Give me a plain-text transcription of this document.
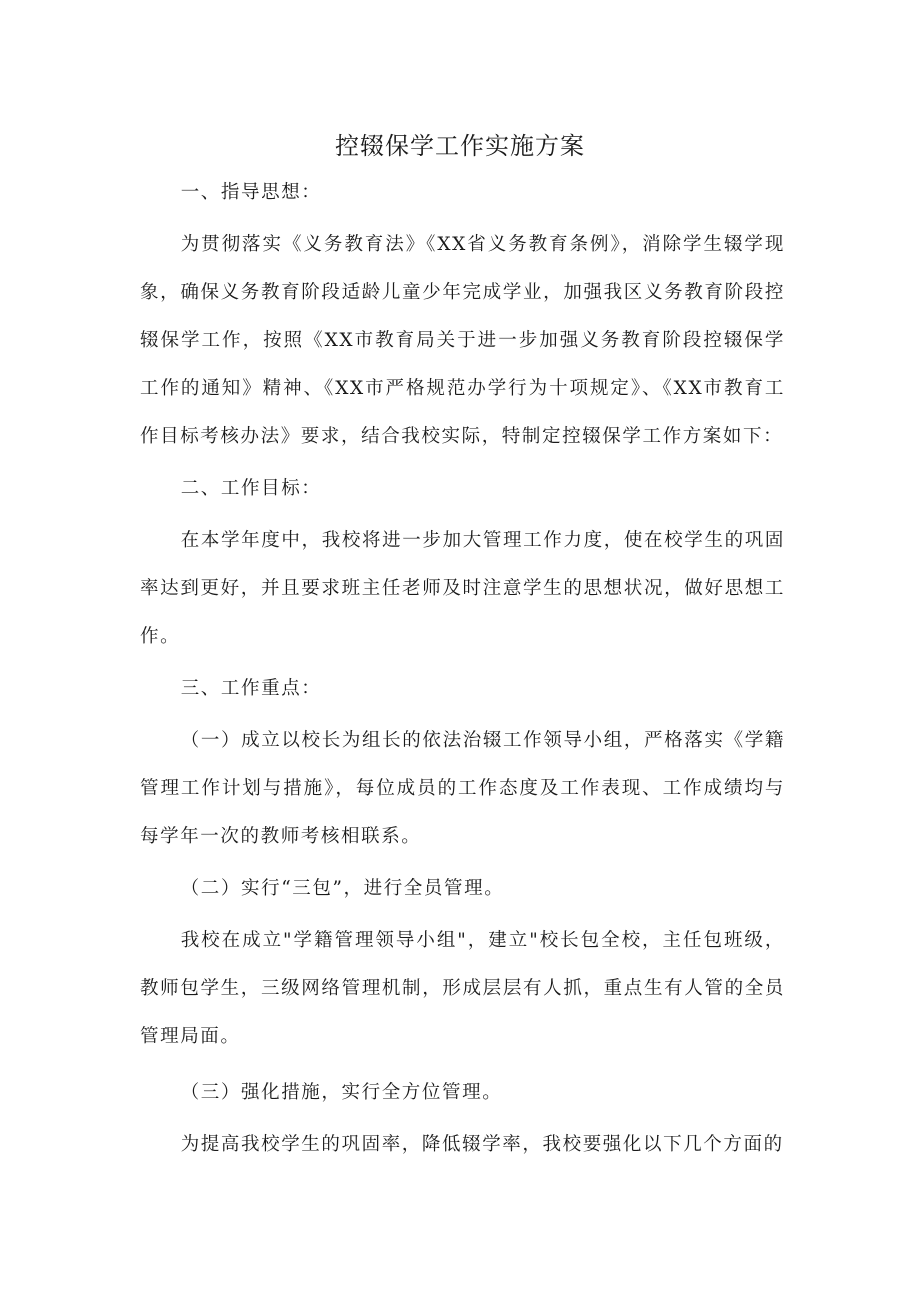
控辍保学工作实施方案

一、指导思想：

为贯彻落实《义务教育法》《XX省义务教育条例》，消除学生辍学现象，确保义务教育阶段适龄儿童少年完成学业，加强我区义务教育阶段控辍保学工作，按照《XX市教育局关于进一步加强义务教育阶段控辍保学工作的通知》精神、《XX市严格规范办学行为十项规定》、《XX市教育工作目标考核办法》要求，结合我校实际，特制定控辍保学工作方案如下：

二、工作目标：

在本学年度中，我校将进一步加大管理工作力度，使在校学生的巩固率达到更好，并且要求班主任老师及时注意学生的思想状况，做好思想工作。

三、工作重点：

（一）成立以校长为组长的依法治辍工作领导小组，严格落实《学籍管理工作计划与措施》，每位成员的工作态度及工作表现、工作成绩均与每学年一次的教师考核相联系。

（二）实行“三包”，进行全员管理。

我校在成立"学籍管理领导小组"，建立"校长包全校，主任包班级，教师包学生，三级网络管理机制，形成层层有人抓，重点生有人管的全员管理局面。

（三）强化措施，实行全方位管理。

为提高我校学生的巩固率，降低辍学率，我校要强化以下几个方面的
